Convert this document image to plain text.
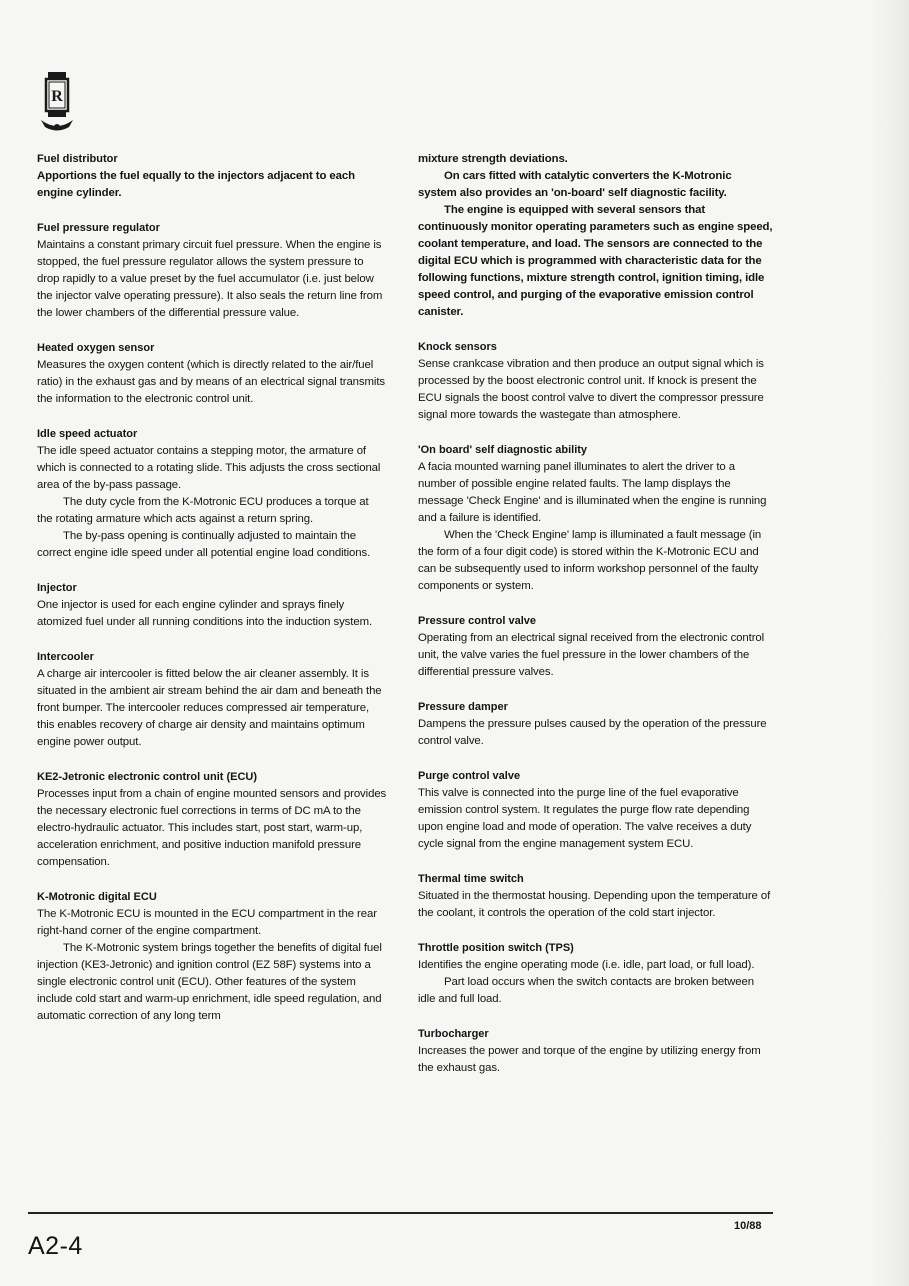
R
Fuel distributor

Apportions the fuel equally to the injectors adjacent to each engine cylinder.

Fuel pressure regulator

Maintains a constant primary circuit fuel pressure. When the engine is stopped, the fuel pressure regulator allows the system pressure to drop rapidly to a value preset by the fuel accumulator (i.e. just below the injector valve operating pressure). It also seals the return line from the lower chambers of the differential pressure value.

Heated oxygen sensor

Measures the oxygen content (which is directly related to the air/fuel ratio) in the exhaust gas and by means of an electrical signal transmits the information to the electronic control unit.

Idle speed actuator

The idle speed actuator contains a stepping motor, the armature of which is connected to a rotating slide. This adjusts the cross sectional area of the by-pass passage.

The duty cycle from the K-Motronic ECU produces a torque at the rotating armature which acts against a return spring.

The by-pass opening is continually adjusted to maintain the correct engine idle speed under all potential engine load conditions.

Injector

One injector is used for each engine cylinder and sprays finely atomized fuel under all running conditions into the induction system.

Intercooler

A charge air intercooler is fitted below the air cleaner assembly. It is situated in the ambient air stream behind the air dam and beneath the front bumper. The intercooler reduces compressed air temperature, this enables recovery of charge air density and maintains optimum engine power output.

KE2-Jetronic electronic control unit (ECU)

Processes input from a chain of engine mounted sensors and provides the necessary electronic fuel corrections in terms of DC mA to the electro-hydraulic actuator. This includes start, post start, warm-up, acceleration enrichment, and positive induction manifold pressure compensation.

K-Motronic digital ECU

The K-Motronic ECU is mounted in the ECU compartment in the rear right-hand corner of the engine compartment.

The K-Motronic system brings together the benefits of digital fuel injection (KE3-Jetronic) and ignition control (EZ 58F) systems into a single electronic control unit (ECU). Other features of the system include cold start and warm-up enrichment, idle speed regulation, and automatic correction of any long term

mixture strength deviations.

On cars fitted with catalytic converters the K-Motronic system also provides an 'on-board' self diagnostic facility.

The engine is equipped with several sensors that continuously monitor operating parameters such as engine speed, coolant temperature, and load. The sensors are connected to the digital ECU which is programmed with characteristic data for the following functions, mixture strength control, ignition timing, idle speed control, and purging of the evaporative emission control canister.

Knock sensors

Sense crankcase vibration and then produce an output signal which is processed by the boost electronic control unit. If knock is present the ECU signals the boost control valve to divert the compressor pressure signal more towards the wastegate than atmosphere.

'On board' self diagnostic ability

A facia mounted warning panel illuminates to alert the driver to a number of possible engine related faults. The lamp displays the message 'Check Engine' and is illuminated when the engine is running and a failure is identified.

When the 'Check Engine' lamp is illuminated a fault message (in the form of a four digit code) is stored within the K-Motronic ECU and can be subsequently used to inform workshop personnel of the faulty components or system.

Pressure control valve

Operating from an electrical signal received from the electronic control unit, the valve varies the fuel pressure in the lower chambers of the differential pressure valves.

Pressure damper

Dampens the pressure pulses caused by the operation of the pressure control valve.

Purge control valve

This valve is connected into the purge line of the fuel evaporative emission control system. It regulates the purge flow rate depending upon engine load and mode of operation. The valve receives a duty cycle signal from the engine management system ECU.

Thermal time switch

Situated in the thermostat housing. Depending upon the temperature of the coolant, it controls the operation of the cold start injector.

Throttle position switch (TPS)

Identifies the engine operating mode (i.e. idle, part load, or full load).

Part load occurs when the switch contacts are broken between idle and full load.

Turbocharger

Increases the power and torque of the engine by utilizing energy from the exhaust gas.

A2-4
10/88
